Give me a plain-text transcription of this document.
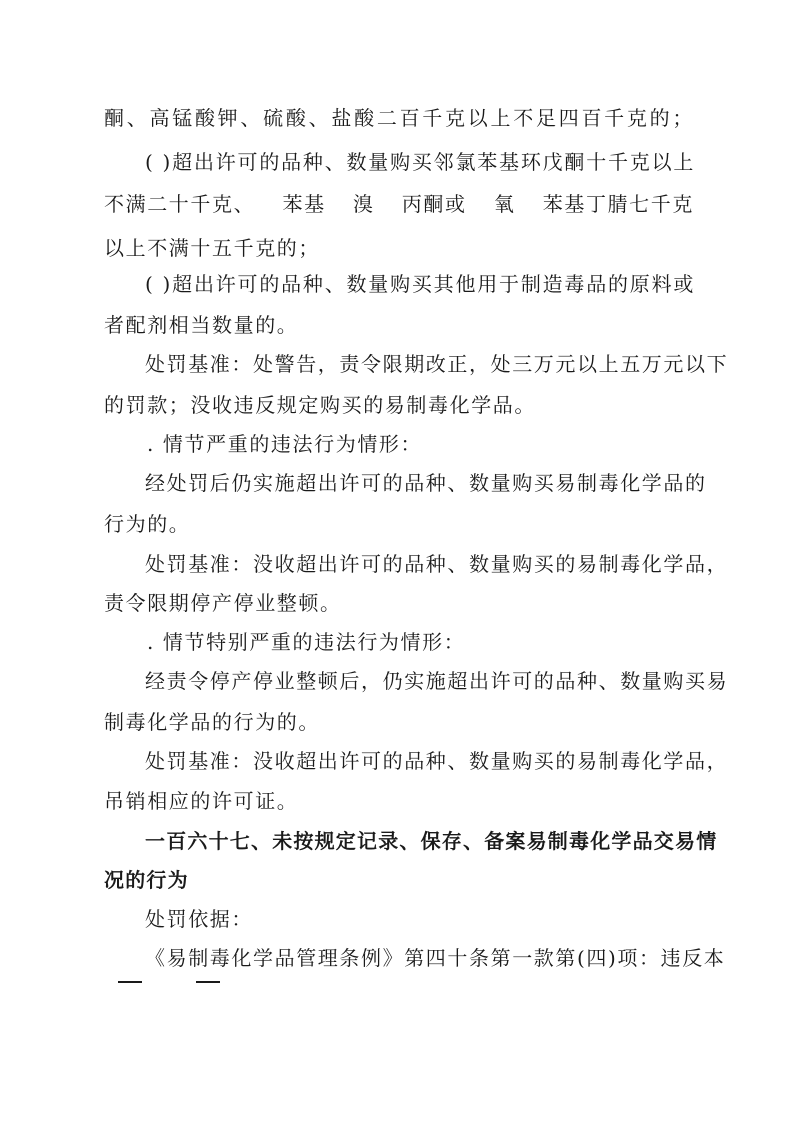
酮、高锰酸钾、硫酸、盐酸二百千克以上不足四百千克的；
( )超出许可的品种、数量购买邻氯苯基环戊酮十千克以上
不满二十千克、 苯基 溴 丙酮或 氧 苯基丁腈七千克
以上不满十五千克的；
( )超出许可的品种、数量购买其他用于制造毒品的原料或
者配剂相当数量的。
处罚基准：处警告，责令限期改正，处三万元以上五万元以下
的罚款；没收违反规定购买的易制毒化学品。
. 情节严重的违法行为情形：
经处罚后仍实施超出许可的品种、数量购买易制毒化学品的
行为的。
处罚基准：没收超出许可的品种、数量购买的易制毒化学品，
责令限期停产停业整顿。
. 情节特别严重的违法行为情形：
经责令停产停业整顿后，仍实施超出许可的品种、数量购买易
制毒化学品的行为的。
处罚基准：没收超出许可的品种、数量购买的易制毒化学品，
吊销相应的许可证。
一百六十七、未按规定记录、保存、备案易制毒化学品交易情
况的行为
处罚依据：
《易制毒化学品管理条例》第四十条第一款第(四)项：违反本
